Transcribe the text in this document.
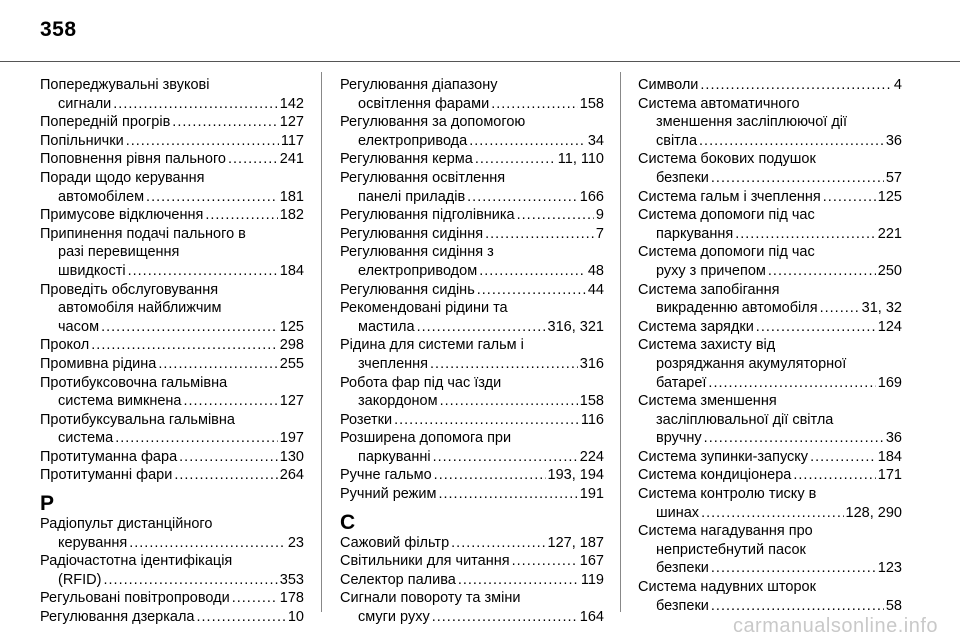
358
Попереджувальні звукові
сигнали .....	142
Попередній прогрів .....	127
Попільнички .....	117
Поповнення рівня пального .....	241
Поради щодо керування
автомобілем .....	181
Примусове відключення .....	182
Припинення подачі пального в
разі перевищення
швидкості .....	184
Проведіть обслуговування
автомобіля найближчим
часом .....	125
Прокол .....	298
Промивна рідина .....	255
Протибуксовочна гальмівна
система вимкнена .....	127
Протибуксувальна гальмівна
система .....	197
Протитуманна фара .....	130
Протитуманні фари .....	264
Р
Радіопульт дистанційного
керування .....	23
Радіочастотна ідентифікація
(RFID) .....	353
Регульовані повітропроводи .....	178
Регулювання дзеркала .....	10
Регулювання діапазону
освітлення фарами .....	158
Регулювання за допомогою
електропривода .....	34
Регулювання керма .....	11, 110
Регулювання освітлення
панелі приладів .....	166
Регулювання підголівника .....	9
Регулювання сидіння .....	7
Регулювання сидіння з
електроприводом .....	48
Регулювання сидінь .....	44
Рекомендовані рідини та
мастила .....	316, 321
Рідина для системи гальм і
зчеплення .....	316
Робота фар під час їзди
закордоном .....	158
Розетки .....	116
Розширена допомога при
паркуванні .....	224
Ручне гальмо .....	193, 194
Ручний режим .....	191
С
Сажовий фільтр .....	127, 187
Світильники для читання .....	167
Селектор палива .....	119
Сигнали повороту та зміни
смуги руху .....	164
Символи .....	4
Система автоматичного
зменшення засліплюючої дії
світла .....	36
Система бокових подушок
безпеки .....	57
Система гальм і зчеплення .....	125
Система допомоги під час
паркування .....	221
Система допомоги під час
руху з причепом .....	250
Система запобігання
викраденню автомобіля .....	31, 32
Система зарядки .....	124
Система захисту від
розряджання акумуляторної
батареї .....	169
Система зменшення
засліплювальної дії світла
вручну .....	36
Система зупинки-запуску .....	184
Система кондиціонера .....	171
Система контролю тиску в
шинах .....	128, 290
Система нагадування про
непристебнутий пасок
безпеки .....	123
Система надувних шторок
безпеки .....	58
carmanualsonline.info
